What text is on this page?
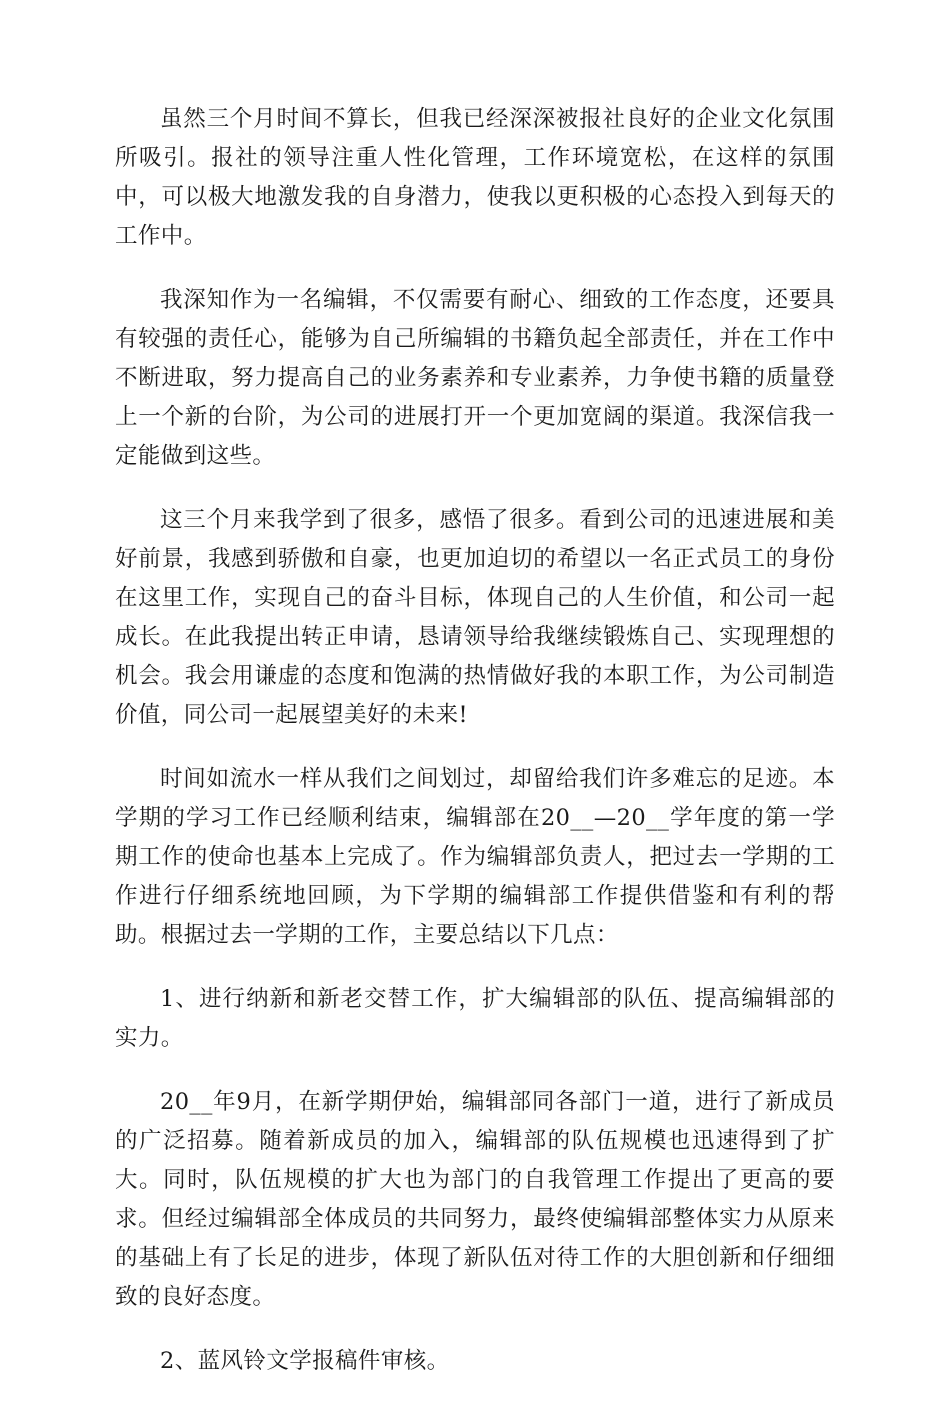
虽然三个月时间不算长，但我已经深深被报社良好的企业文化氛围所吸引。报社的领导注重人性化管理，工作环境宽松，在这样的氛围中，可以极大地激发我的自身潜力，使我以更积极的心态投入到每天的工作中。

我深知作为一名编辑，不仅需要有耐心、细致的工作态度，还要具有较强的责任心，能够为自己所编辑的书籍负起全部责任，并在工作中不断进取，努力提高自己的业务素养和专业素养，力争使书籍的质量登上一个新的台阶，为公司的进展打开一个更加宽阔的渠道。我深信我一定能做到这些。

这三个月来我学到了很多，感悟了很多。看到公司的迅速进展和美好前景，我感到骄傲和自豪，也更加迫切的希望以一名正式员工的身份在这里工作，实现自己的奋斗目标，体现自己的人生价值，和公司一起成长。在此我提出转正申请，恳请领导给我继续锻炼自己、实现理想的机会。我会用谦虚的态度和饱满的热情做好我的本职工作，为公司制造价值，同公司一起展望美好的未来!

时间如流水一样从我们之间划过，却留给我们许多难忘的足迹。本学期的学习工作已经顺利结束，编辑部在20__—20__学年度的第一学期工作的使命也基本上完成了。作为编辑部负责人，把过去一学期的工作进行仔细系统地回顾，为下学期的编辑部工作提供借鉴和有利的帮助。根据过去一学期的工作，主要总结以下几点：

1、进行纳新和新老交替工作，扩大编辑部的队伍、提高编辑部的实力。

20__年9月，在新学期伊始，编辑部同各部门一道，进行了新成员的广泛招募。随着新成员的加入，编辑部的队伍规模也迅速得到了扩大。同时，队伍规模的扩大也为部门的自我管理工作提出了更高的要求。但经过编辑部全体成员的共同努力，最终使编辑部整体实力从原来的基础上有了长足的进步，体现了新队伍对待工作的大胆创新和仔细细致的良好态度。

2、蓝风铃文学报稿件审核。
